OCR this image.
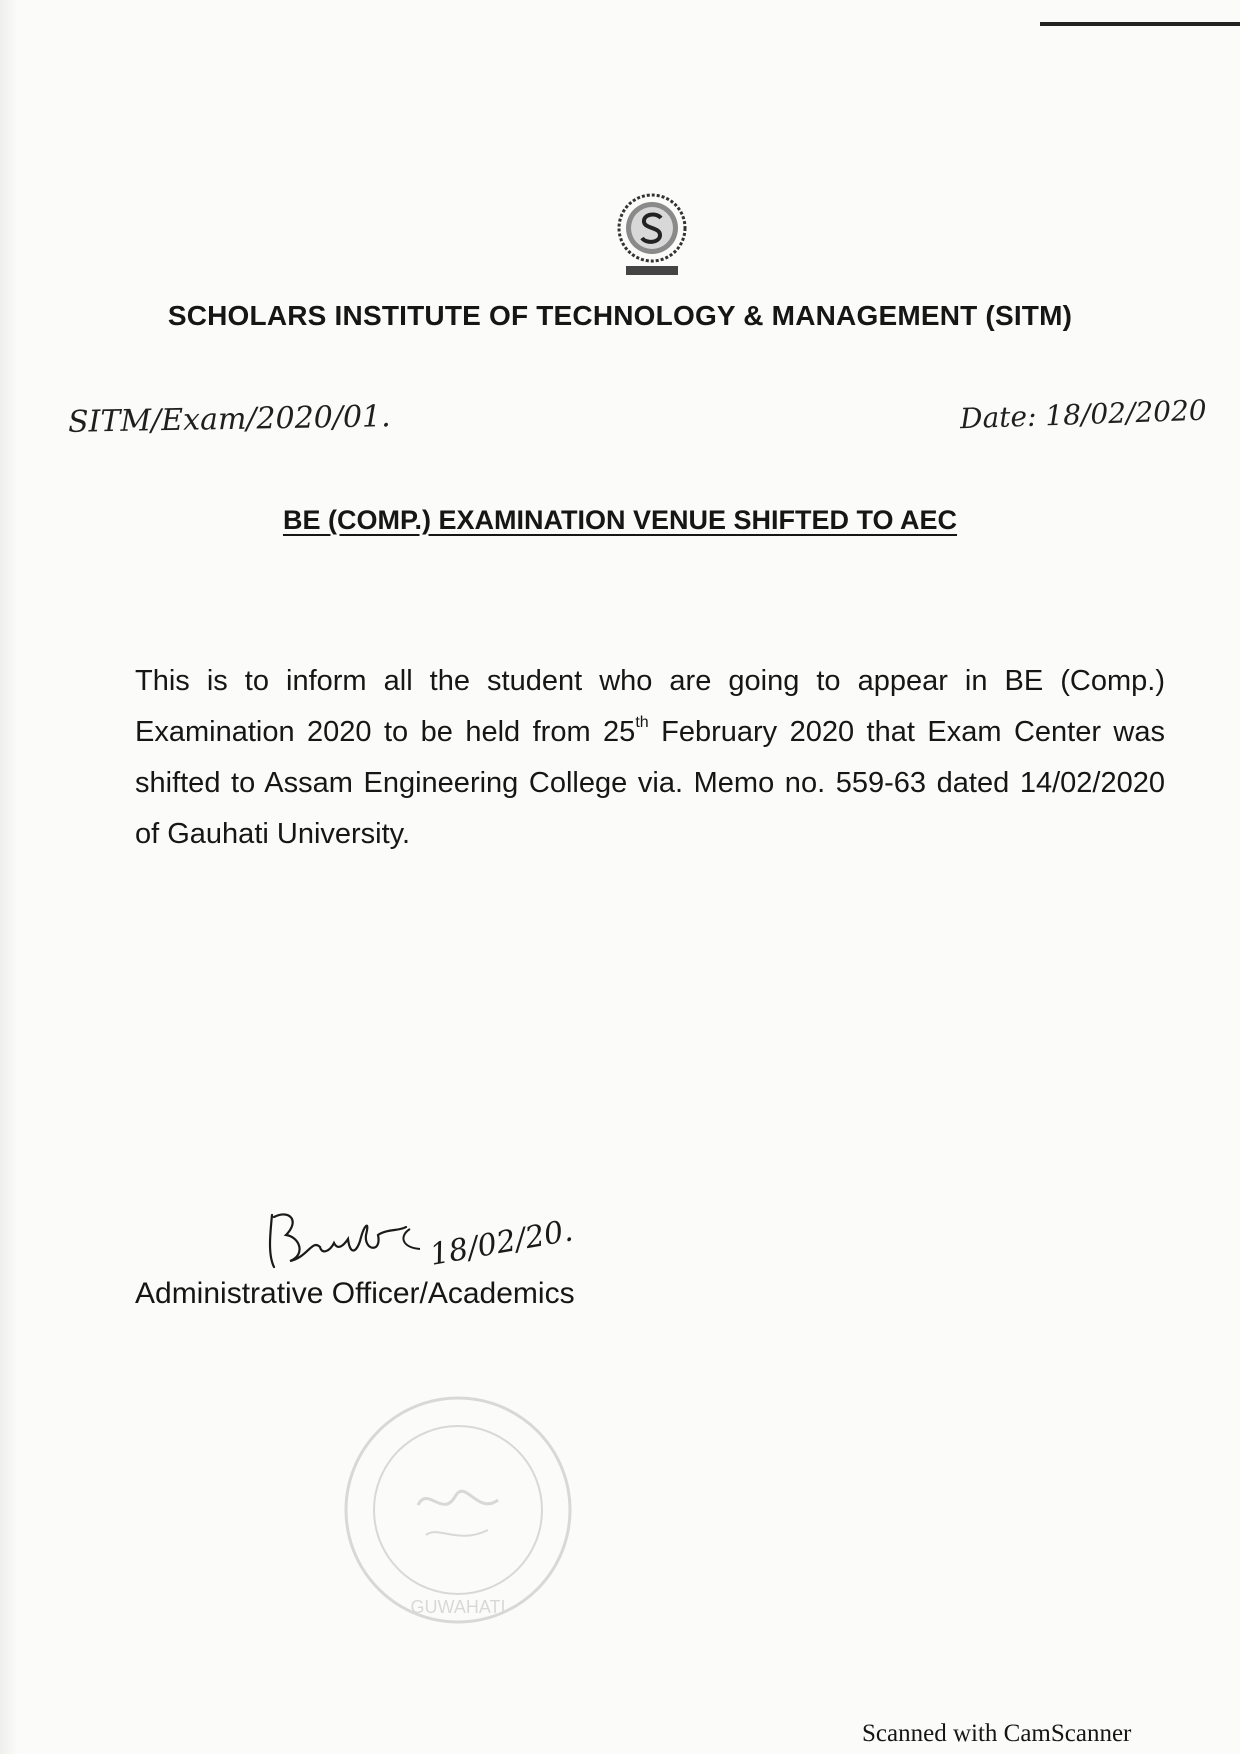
SCHOLARS INSTITUTE OF TECHNOLOGY & MANAGEMENT (SITM)
SITM/Exam/2020/01.	Date: 18/02/2020
BE (COMP.) EXAMINATION VENUE SHIFTED TO AEC
This is to inform all the student who are going to appear in BE (Comp.) Examination 2020 to be held from 25th February 2020 that Exam Center was shifted to Assam Engineering College via. Memo no. 559-63 dated 14/02/2020 of Gauhati University.
18/02/20.
Administrative Officer/Academics
GUWAHATI
Scanned with CamScanner
